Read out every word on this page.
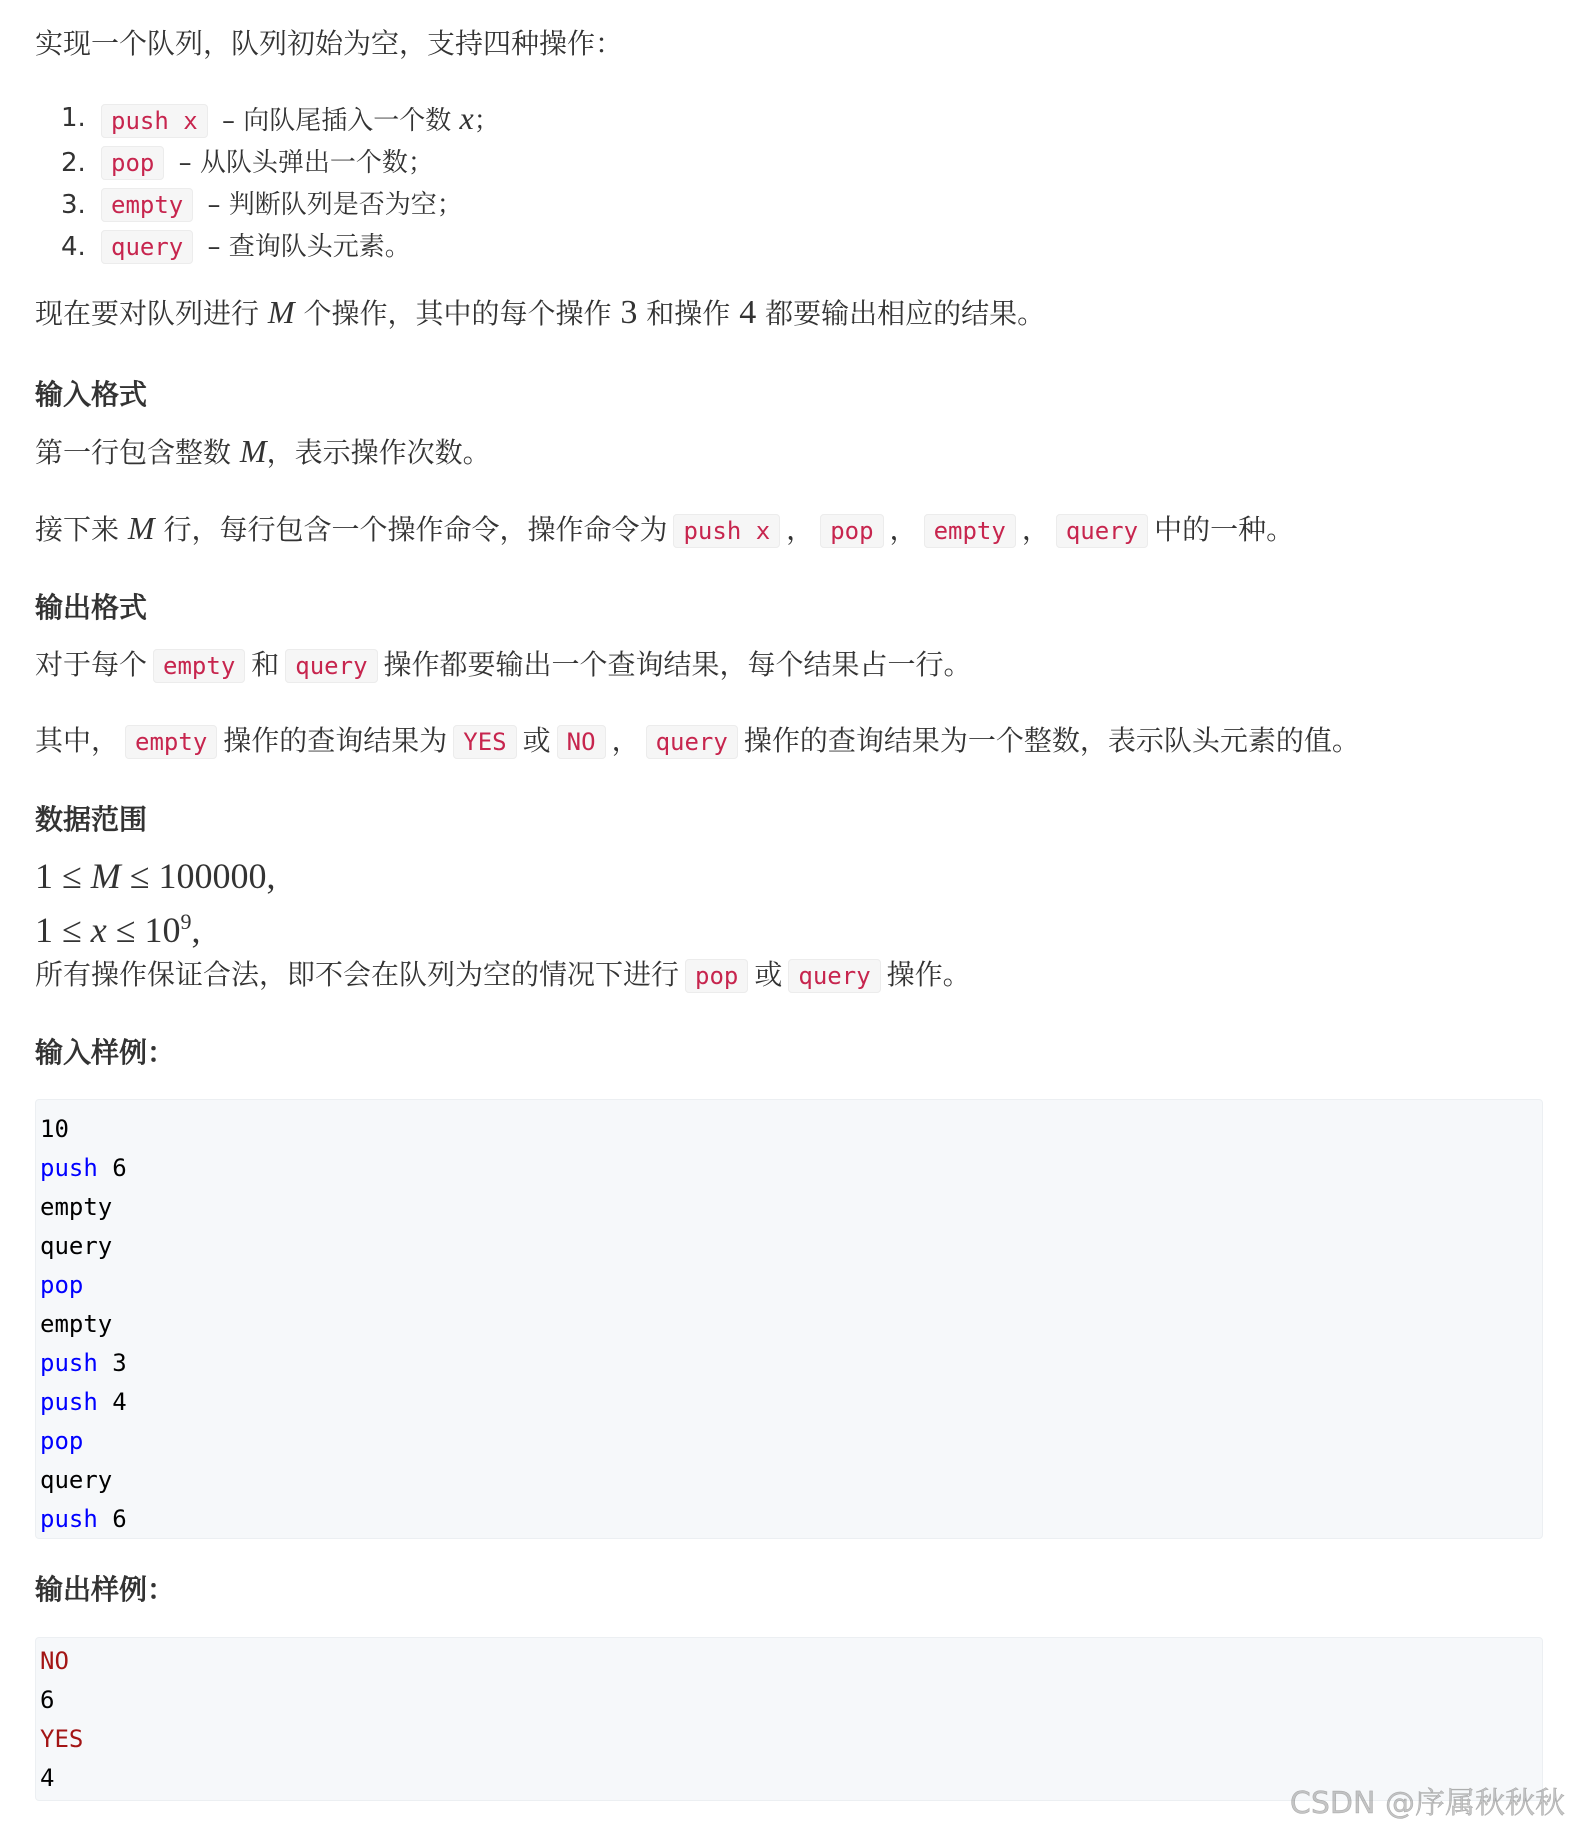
实现一个队列，队列初始为空，支持四种操作：

1. push x – 向队尾插入一个数 x；
2. pop – 从队头弹出一个数；
3. empty – 判断队列是否为空；
4. query – 查询队头元素。

现在要对队列进行 M 个操作，其中的每个操作 3 和操作 4 都要输出相应的结果。

输入格式

第一行包含整数 M，表示操作次数。

接下来 M 行，每行包含一个操作命令，操作命令为 push x ， pop ， empty ， query 中的一种。

输出格式

对于每个 empty 和 query 操作都要输出一个查询结果，每个结果占一行。

其中， empty 操作的查询结果为 YES 或 NO ， query 操作的查询结果为一个整数，表示队头元素的值。

数据范围

1 ≤ M ≤ 100000,

$1 \le x \le 10^9$,

所有操作保证合法，即不会在队列为空的情况下进行 pop 或 query 操作。

输入样例：
10
push 6
empty
query
pop
empty
push 3
push 4
pop
query
push 6
输出样例：
NO
6
YES
4
CSDN @序属秋秋秋
